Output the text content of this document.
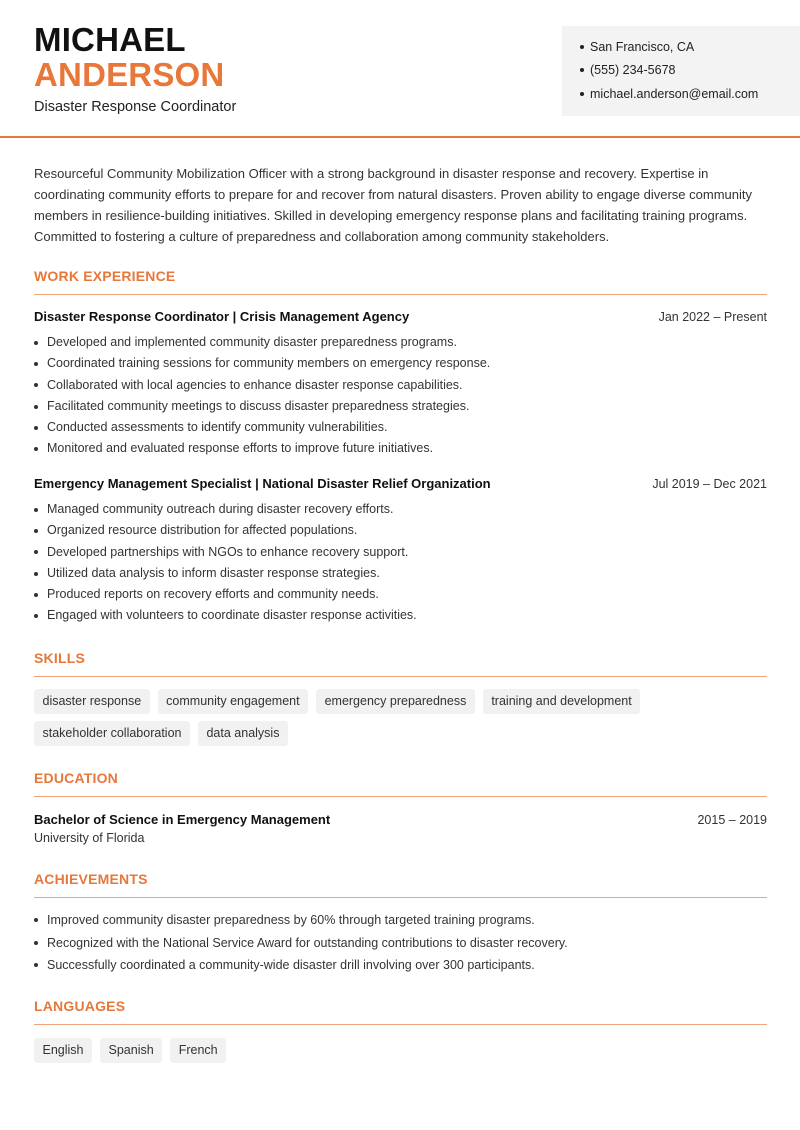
MICHAEL
ANDERSON
Disaster Response Coordinator
San Francisco, CA
(555) 234-5678
michael.anderson@email.com
Resourceful Community Mobilization Officer with a strong background in disaster response and recovery. Expertise in coordinating community efforts to prepare for and recover from natural disasters. Proven ability to engage diverse community members in resilience-building initiatives. Skilled in developing emergency response plans and facilitating training programs. Committed to fostering a culture of preparedness and collaboration among community stakeholders.
WORK EXPERIENCE
Disaster Response Coordinator | Crisis Management Agency	Jan 2022 – Present
Developed and implemented community disaster preparedness programs.
Coordinated training sessions for community members on emergency response.
Collaborated with local agencies to enhance disaster response capabilities.
Facilitated community meetings to discuss disaster preparedness strategies.
Conducted assessments to identify community vulnerabilities.
Monitored and evaluated response efforts to improve future initiatives.
Emergency Management Specialist | National Disaster Relief Organization	Jul 2019 – Dec 2021
Managed community outreach during disaster recovery efforts.
Organized resource distribution for affected populations.
Developed partnerships with NGOs to enhance recovery support.
Utilized data analysis to inform disaster response strategies.
Produced reports on recovery efforts and community needs.
Engaged with volunteers to coordinate disaster response activities.
SKILLS
disaster response	community engagement	emergency preparedness	training and development
stakeholder collaboration	data analysis
EDUCATION
Bachelor of Science in Emergency Management	2015 – 2019
University of Florida
ACHIEVEMENTS
Improved community disaster preparedness by 60% through targeted training programs.
Recognized with the National Service Award for outstanding contributions to disaster recovery.
Successfully coordinated a community-wide disaster drill involving over 300 participants.
LANGUAGES
English	Spanish	French
